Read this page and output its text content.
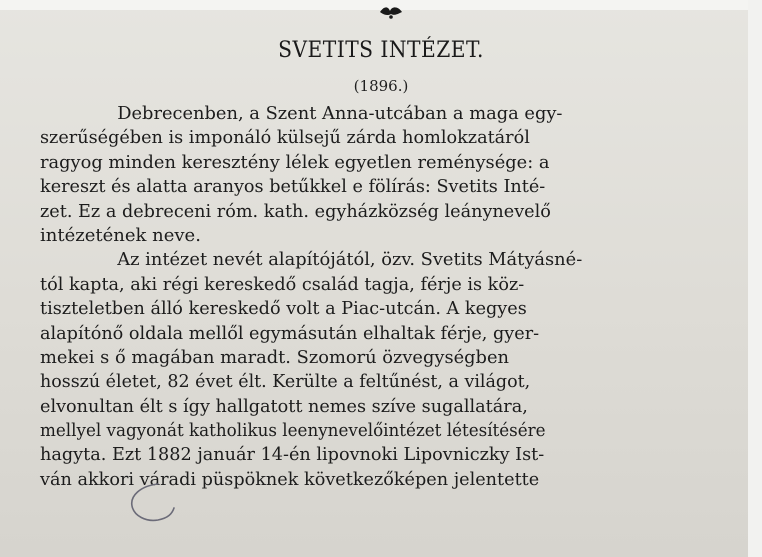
SVETITS INTÉZET.
(1896.)
Debrecenben, a Szent Anna-utcában a maga egy-
szerűségében is imponáló külsejű zárda homlokzatáról
ragyog minden keresztény lélek egyetlen reménysége: a
kereszt és alatta aranyos betűkkel e fölírás: Svetits Inté-
zet. Ez a debreceni róm. kath. egyházközség leánynevelő
intézetének neve.
Az intézet nevét alapítójától, özv. Svetits Mátyásné-
tól kapta, aki régi kereskedő család tagja, férje is köz-
tiszteletben álló kereskedő volt a Piac-utcán. A kegyes
alapítónő oldala mellől egymásután elhaltak férje, gyer-
mekei s ő magában maradt. Szomorú özvegységben
hosszú életet, 82 évet élt. Kerülte a feltűnést, a világot,
elvonultan élt s így hallgatott nemes szíve sugallatára,
mellyel vagyonát katholikus leenynevelőintézet létesítésére
hagyta. Ezt 1882 január 14-én lipovnoki Lipovniczky Ist-
ván akkori váradi püspöknek következőképen jelentette
